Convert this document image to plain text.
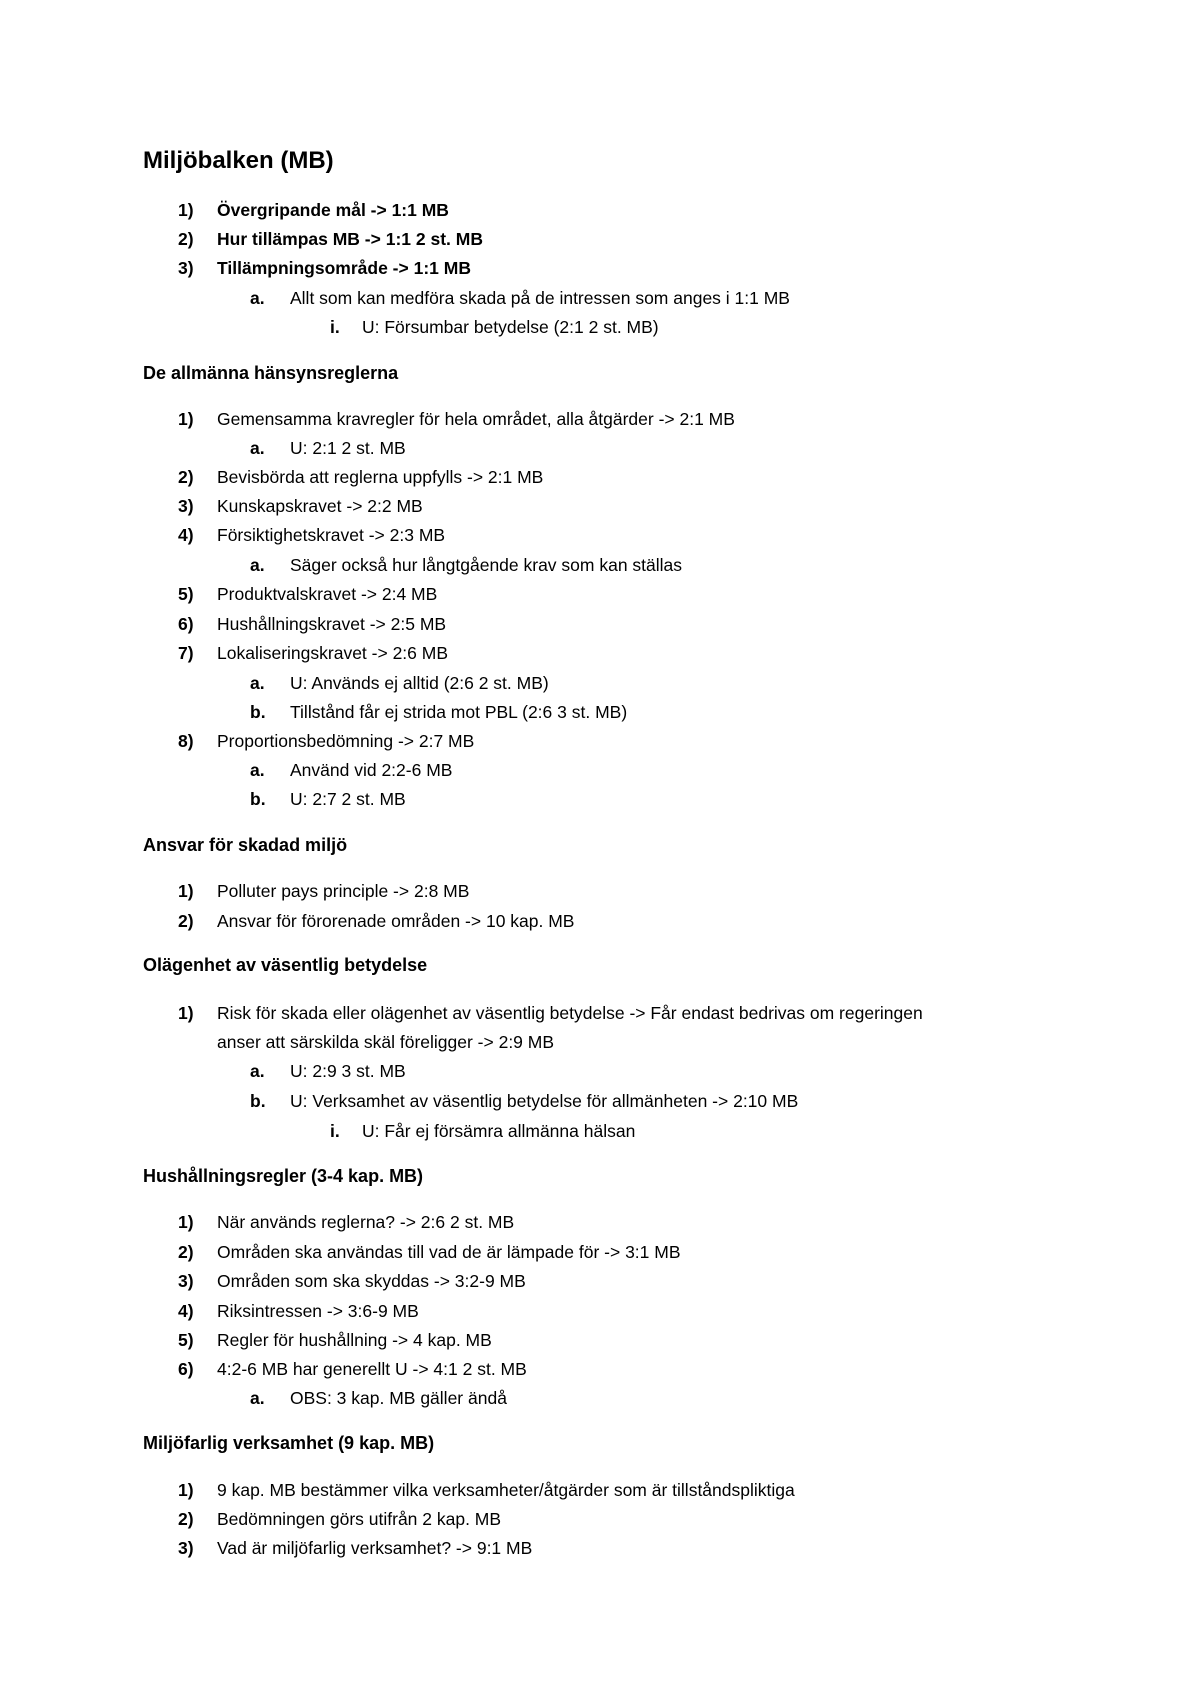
Miljöbalken (MB)
1)	Övergripande mål -> 1:1 MB
2)	Hur tillämpas MB -> 1:1 2 st. MB
3)	Tillämpningsområde -> 1:1 MB
a.	Allt som kan medföra skada på de intressen som anges i 1:1 MB
i.	U: Försumbar betydelse (2:1 2 st. MB)
De allmänna hänsynsreglerna
1)	Gemensamma kravregler för hela området, alla åtgärder -> 2:1 MB
a.	U: 2:1 2 st. MB
2)	Bevisbörda att reglerna uppfylls -> 2:1 MB
3)	Kunskapskravet -> 2:2 MB
4)	Försiktighetskravet -> 2:3 MB
a.	Säger också hur långtgående krav som kan ställas
5)	Produktvalskravet -> 2:4 MB
6)	Hushållningskravet -> 2:5 MB
7)	Lokaliseringskravet -> 2:6 MB
a.	U: Används ej alltid (2:6 2 st. MB)
b.	Tillstånd får ej strida mot PBL (2:6 3 st. MB)
8)	Proportionsbedömning -> 2:7 MB
a.	Använd vid 2:2-6 MB
b.	U: 2:7 2 st. MB
Ansvar för skadad miljö
1)	Polluter pays principle -> 2:8 MB
2)	Ansvar för förorenade områden -> 10 kap. MB
Olägenhet av väsentlig betydelse
1)	Risk för skada eller olägenhet av väsentlig betydelse -> Får endast bedrivas om regeringen
anser att särskilda skäl föreligger -> 2:9 MB
a.	U: 2:9 3 st. MB
b.	U: Verksamhet av väsentlig betydelse för allmänheten -> 2:10 MB
i.	U: Får ej försämra allmänna hälsan
Hushållningsregler (3-4 kap. MB)
1)	När används reglerna? -> 2:6 2 st. MB
2)	Områden ska användas till vad de är lämpade för -> 3:1 MB
3)	Områden som ska skyddas -> 3:2-9 MB
4)	Riksintressen -> 3:6-9 MB
5)	Regler för hushållning -> 4 kap. MB
6)	4:2-6 MB har generellt U -> 4:1 2 st. MB
a.	OBS: 3 kap. MB gäller ändå
Miljöfarlig verksamhet (9 kap. MB)
1)	9 kap. MB bestämmer vilka verksamheter/åtgärder som är tillståndspliktiga
2)	Bedömningen görs utifrån 2 kap. MB
3)	Vad är miljöfarlig verksamhet? -> 9:1 MB
